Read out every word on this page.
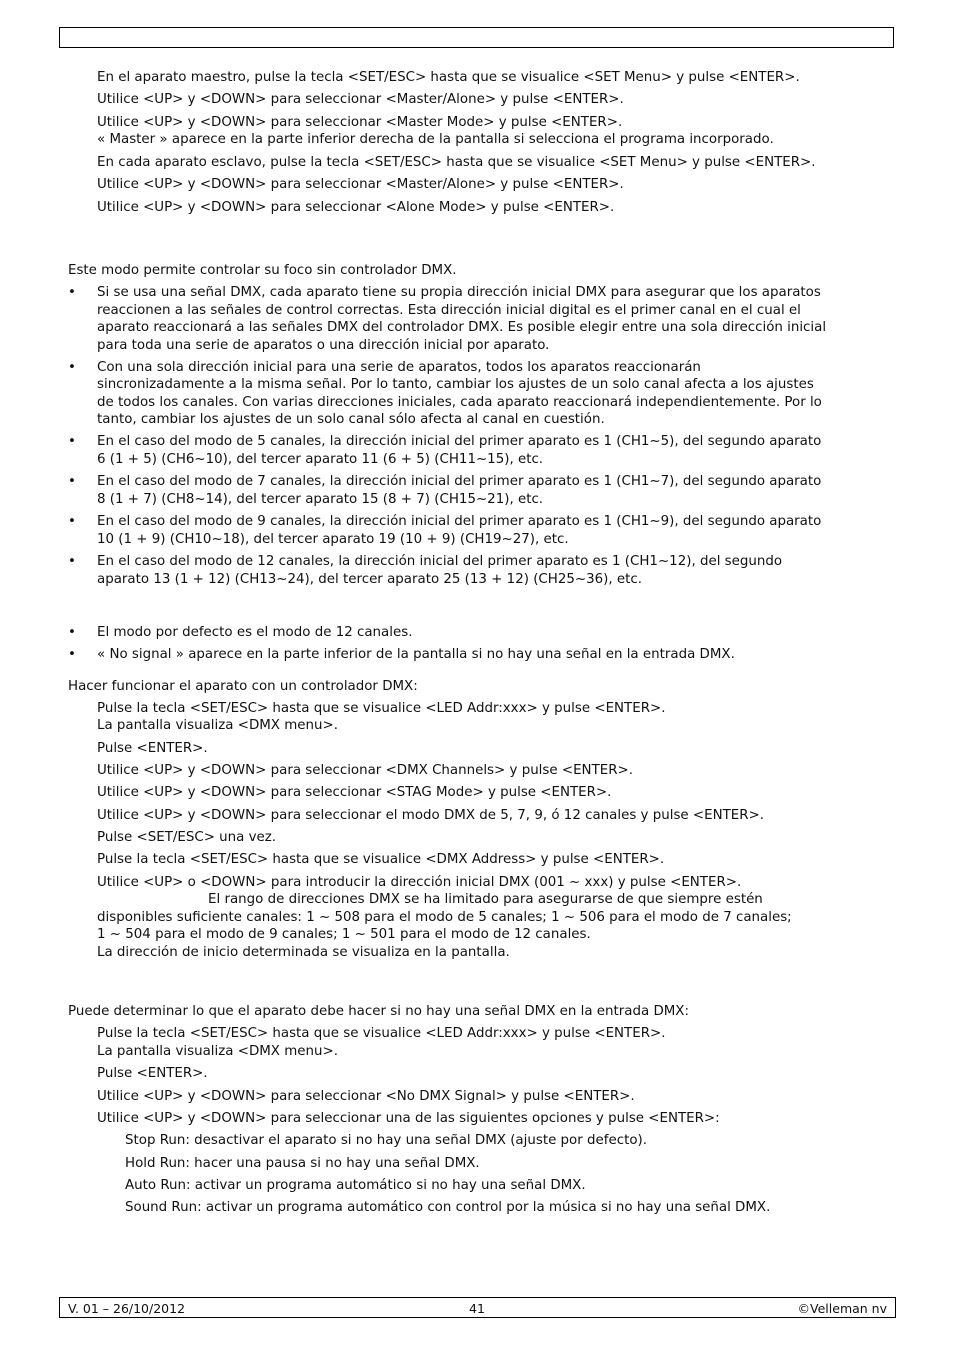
En el aparato maestro, pulse la tecla <SET/ESC> hasta que se visualice <SET Menu> y pulse <ENTER>.
Utilice <UP> y <DOWN> para seleccionar <Master/Alone> y pulse <ENTER>.
Utilice <UP> y <DOWN> para seleccionar <Master Mode> y pulse <ENTER>.
« Master » aparece en la parte inferior derecha de la pantalla si selecciona el programa incorporado.
En cada aparato esclavo, pulse la tecla <SET/ESC> hasta que se visualice <SET Menu> y pulse <ENTER>.
Utilice <UP> y <DOWN> para seleccionar <Master/Alone> y pulse <ENTER>.
Utilice <UP> y <DOWN> para seleccionar <Alone Mode> y pulse <ENTER>.
Este modo permite controlar su foco sin controlador DMX.
• Si se usa una señal DMX, cada aparato tiene su propia dirección inicial DMX para asegurar que los aparatos
reaccionen a las señales de control correctas. Esta dirección inicial digital es el primer canal en el cual el
aparato reaccionará a las señales DMX del controlador DMX. Es posible elegir entre una sola dirección inicial
para toda una serie de aparatos o una dirección inicial por aparato.
• Con una sola dirección inicial para una serie de aparatos, todos los aparatos reaccionarán
sincronizadamente a la misma señal. Por lo tanto, cambiar los ajustes de un solo canal afecta a los ajustes
de todos los canales. Con varias direcciones iniciales, cada aparato reaccionará independientemente. Por lo
tanto, cambiar los ajustes de un solo canal sólo afecta al canal en cuestión.
• En el caso del modo de 5 canales, la dirección inicial del primer aparato es 1 (CH1~5), del segundo aparato
6 (1 + 5) (CH6~10), del tercer aparato 11 (6 + 5) (CH11~15), etc.
• En el caso del modo de 7 canales, la dirección inicial del primer aparato es 1 (CH1~7), del segundo aparato
8 (1 + 7) (CH8~14), del tercer aparato 15 (8 + 7) (CH15~21), etc.
• En el caso del modo de 9 canales, la dirección inicial del primer aparato es 1 (CH1~9), del segundo aparato
10 (1 + 9) (CH10~18), del tercer aparato 19 (10 + 9) (CH19~27), etc.
• En el caso del modo de 12 canales, la dirección inicial del primer aparato es 1 (CH1~12), del segundo
aparato 13 (1 + 12) (CH13~24), del tercer aparato 25 (13 + 12) (CH25~36), etc.
• El modo por defecto es el modo de 12 canales.
• « No signal » aparece en la parte inferior de la pantalla si no hay una señal en la entrada DMX.
Hacer funcionar el aparato con un controlador DMX:
Pulse la tecla <SET/ESC> hasta que se visualice <LED Addr:xxx> y pulse <ENTER>.
La pantalla visualiza <DMX menu>.
Pulse <ENTER>.
Utilice <UP> y <DOWN> para seleccionar <DMX Channels> y pulse <ENTER>.
Utilice <UP> y <DOWN> para seleccionar <STAG Mode> y pulse <ENTER>.
Utilice <UP> y <DOWN> para seleccionar el modo DMX de 5, 7, 9, ó 12 canales y pulse <ENTER>.
Pulse <SET/ESC> una vez.
Pulse la tecla <SET/ESC> hasta que se visualice <DMX Address> y pulse <ENTER>.
Utilice <UP> o <DOWN> para introducir la dirección inicial DMX (001 ~ xxx) y pulse <ENTER>.
El rango de direcciones DMX se ha limitado para asegurarse de que siempre estén
disponibles suficiente canales: 1 ~ 508 para el modo de 5 canales; 1 ~ 506 para el modo de 7 canales;
1 ~ 504 para el modo de 9 canales; 1 ~ 501 para el modo de 12 canales.
La dirección de inicio determinada se visualiza en la pantalla.
Puede determinar lo que el aparato debe hacer si no hay una señal DMX en la entrada DMX:
Pulse la tecla <SET/ESC> hasta que se visualice <LED Addr:xxx> y pulse <ENTER>.
La pantalla visualiza <DMX menu>.
Pulse <ENTER>.
Utilice <UP> y <DOWN> para seleccionar <No DMX Signal> y pulse <ENTER>.
Utilice <UP> y <DOWN> para seleccionar una de las siguientes opciones y pulse <ENTER>:
Stop Run: desactivar el aparato si no hay una señal DMX (ajuste por defecto).
Hold Run: hacer una pausa si no hay una señal DMX.
Auto Run: activar un programa automático si no hay una señal DMX.
Sound Run: activar un programa automático con control por la música si no hay una señal DMX.
V. 01 – 26/10/2012	41	©Velleman nv
